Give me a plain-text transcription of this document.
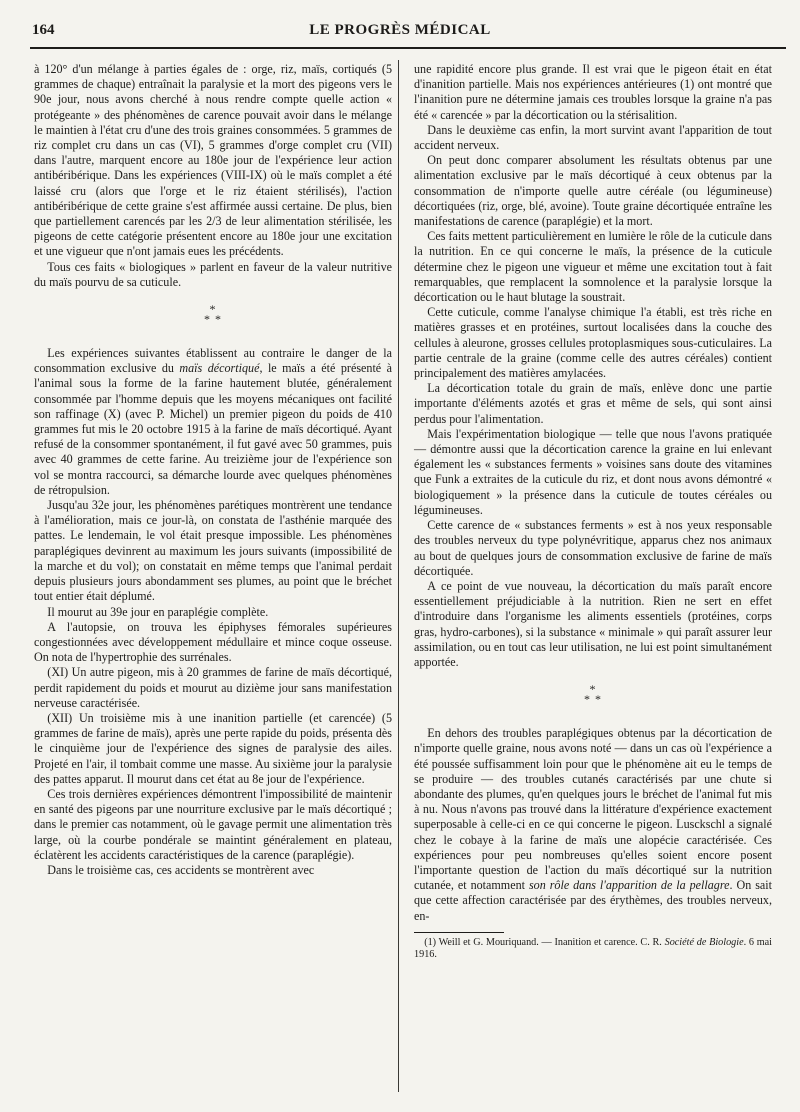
164	LE PROGRÈS MÉDICAL

à 120° d'un mélange à parties égales de : orge, riz, maïs, cortiqués (5 grammes de chaque) entraînait la paralysie et la mort des pigeons vers le 90e jour, nous avons cherché à nous rendre compte quelle action « protégeante » des phénomènes de carence pouvait avoir dans le mélange le maintien à l'état cru d'une des trois graines consommées. 5 grammes de riz complet cru dans un cas (VI), 5 grammes d'orge complet cru (VII) dans l'autre, marquent encore au 180e jour de l'expérience leur action antibéribérique. Dans les expériences (VIII-IX) où le maïs complet a été laissé cru (alors que l'orge et le riz étaient stérilisés), l'action antibéribérique de cette graine s'est affirmée aussi certaine. De plus, bien que partiellement carencés par les 2/3 de leur alimentation stérilisée, les pigeons de cette catégorie présentent encore au 180e jour une excitation et une vigueur que n'ont jamais eues les précédents.

Tous ces faits « biologiques » parlent en faveur de la valeur nutritive du maïs pourvu de sa cuticule.

*
* *

Les expériences suivantes établissent au contraire le danger de la consommation exclusive du maïs décortiqué, le maïs a été présenté à l'animal sous la forme de la farine hautement blutée, généralement consommée par l'homme depuis que les moyens mécaniques ont facilité son raffinage (X) (avec P. Michel) un premier pigeon du poids de 410 grammes fut mis le 20 octobre 1915 à la farine de maïs décortiqué. Ayant refusé de la consommer spontanément, il fut gavé avec 50 grammes, puis avec 40 grammes de cette farine. Au treizième jour de l'expérience son vol se montra raccourci, sa démarche lourde avec quelques phénomènes de rétropulsion.

Jusqu'au 32e jour, les phénomènes parétiques montrèrent une tendance à l'amélioration, mais ce jour-là, on constata de l'asthénie marquée des pattes. Le lendemain, le vol était presque impossible. Les phénomènes paraplégiques devinrent au maximum les jours suivants (impossibilité de la marche et du vol); on constatait en même temps que l'animal perdait depuis plusieurs jours abondamment ses plumes, au point que le bréchet tout entier était déplumé.

Il mourut au 39e jour en paraplégie complète.

A l'autopsie, on trouva les épiphyses fémorales supérieures congestionnées avec développement médullaire et mince coque osseuse. On nota de l'hypertrophie des surrénales.

(XI) Un autre pigeon, mis à 20 grammes de farine de maïs décortiqué, perdit rapidement du poids et mourut au dizième jour sans manifestation nerveuse caractérisée.

(XII) Un troisième mis à une inanition partielle (et carencée) (5 grammes de farine de maïs), après une perte rapide du poids, présenta dès le cinquième jour de l'expérience des signes de paralysie des ailes. Projeté en l'air, il tombait comme une masse. Au sixième jour la paralysie des pattes apparut. Il mourut dans cet état au 8e jour de l'expérience.

Ces trois dernières expériences démontrent l'impossibilité de maintenir en santé des pigeons par une nourriture exclusive par le maïs décortiqué ; dans le premier cas notamment, où le gavage permit une alimentation très large, où la courbe pondérale se maintint généralement en plateau, éclatèrent les accidents caractéristiques de la carence (paraplégie).

Dans le troisième cas, ces accidents se montrèrent avec

une rapidité encore plus grande. Il est vrai que le pigeon était en état d'inanition partielle. Mais nos expériences antérieures (1) ont montré que l'inanition pure ne détermine jamais ces troubles lorsque la graine n'a pas été « carencée » par la décortication ou la stérisalition.

Dans le deuxième cas enfin, la mort survint avant l'apparition de tout accident nerveux.

On peut donc comparer absolument les résultats obtenus par une alimentation exclusive par le maïs décortiqué à ceux obtenus par la consommation de n'importe quelle autre céréale (ou légumineuse) décortiquées (riz, orge, blé, avoine). Toute graine décortiquée entraîne les manifestations de carence (paraplégie) et la mort.

Ces faits mettent particulièrement en lumière le rôle de la cuticule dans la nutrition. En ce qui concerne le maïs, la présence de la cuticule détermine chez le pigeon une vigueur et même une excitation tout à fait remarquables, que remplacent la somnolence et la paralysie lorsque la décortication ou le haut blutage la soustrait.

Cette cuticule, comme l'analyse chimique l'a établi, est très riche en matières grasses et en protéines, surtout localisées dans la couche des cellules à aleurone, grosses cellules protoplasmiques sous-cuticulaires. La partie centrale de la graine (comme celle des autres céréales) contient principalement des matières amylacées.

La décortication totale du grain de maïs, enlève donc une partie importante d'éléments azotés et gras et même de sels, qui sont ainsi perdus pour l'alimentation.

Mais l'expérimentation biologique — telle que nous l'avons pratiquée — démontre aussi que la décortication carence la graine en lui enlevant également les « substances ferments » voisines sans doute des vitamines que Funk a extraites de la cuticule du riz, et dont nous avons démontré « biologiquement » la présence dans la cuticule de toutes céréales ou légumineuses.

Cette carence de « substances ferments » est à nos yeux responsable des troubles nerveux du type polynévritique, apparus chez nos animaux au bout de quelques jours de consommation exclusive de farine de maïs décortiquée.

A ce point de vue nouveau, la décortication du maïs paraît encore essentiellement préjudiciable à la nutrition. Rien ne sert en effet d'introduire dans l'organisme les aliments essentiels (protéines, corps gras, hydro-carbones), si la substance « minimale » qui paraît assurer leur assimilation, ou en tout cas leur utilisation, ne lui est point simultanément apportée.

*
* *

En dehors des troubles paraplégiques obtenus par la décortication de n'importe quelle graine, nous avons noté — dans un cas où l'expérience a été poussée suffisamment loin pour que le phénomène ait eu le temps de se produire — des troubles cutanés caractérisés par une chute si abondante des plumes, qu'en quelques jours le bréchet de l'animal fut mis à nu. Nous n'avons pas trouvé dans la littérature d'expérience exactement superposable à celle-ci en ce qui concerne le pigeon. Lusckschl a signalé chez le cobaye à la farine de maïs une alopécie caractérisée. Ces expériences pour peu nombreuses qu'elles soient encore posent l'importante question de l'action du maïs décortiqué sur la nutrition cutanée, et notamment son rôle dans l'apparition de la pellagre. On sait que cette affection caractérisée par des érythèmes, des troubles nerveux, en-

(1) Weill et G. Mouriquand. — Inanition et carence. C. R. Société de Biologie. 6 mai 1916.
